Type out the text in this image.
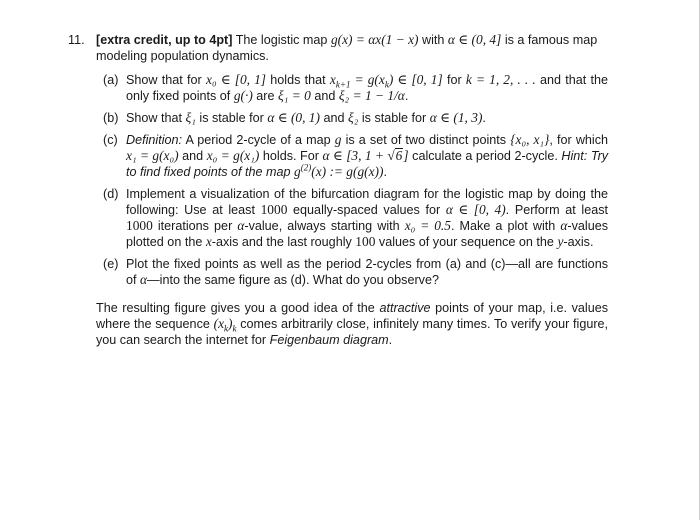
11. [extra credit, up to 4pt] The logistic map g(x) = αx(1 − x) with α ∈ (0, 4] is a famous map modeling population dynamics.
(a) Show that for x₀ ∈ [0, 1] holds that $x_{k+1} = g(x_k)$ ∈ [0, 1] for k = 1, 2, . . . and that the only fixed points of g(·) are ξ₁ = 0 and ξ₂ = 1 − 1/α.
(b) Show that ξ₁ is stable for α ∈ (0, 1) and ξ₂ is stable for α ∈ (1, 3).
(c) Definition: A period 2-cycle of a map g is a set of two distinct points {x₀, x₁}, for which x₁ = g(x₀) and x₀ = g(x₁) holds. For α ∈ [3, 1 + √6] calculate a period 2-cycle. Hint: Try to find fixed points of the map $g^{(2)}(x)$ := g(g(x)).
(d) Implement a visualization of the bifurcation diagram for the logistic map by doing the following: Use at least 1000 equally-spaced values for α ∈ [0, 4). Perform at least 1000 iterations per α-value, always starting with x₀ = 0.5. Make a plot with α-values plotted on the x-axis and the last roughly 100 values of your sequence on the y-axis.
(e) Plot the fixed points as well as the period 2-cycles from (a) and (c)—all are functions of α—into the same figure as (d). What do you observe?
The resulting figure gives you a good idea of the attractive points of your map, i.e. values where the sequence $(x_k)_k$ comes arbitrarily close, infinitely many times. To verify your figure, you can search the internet for Feigenbaum diagram.
